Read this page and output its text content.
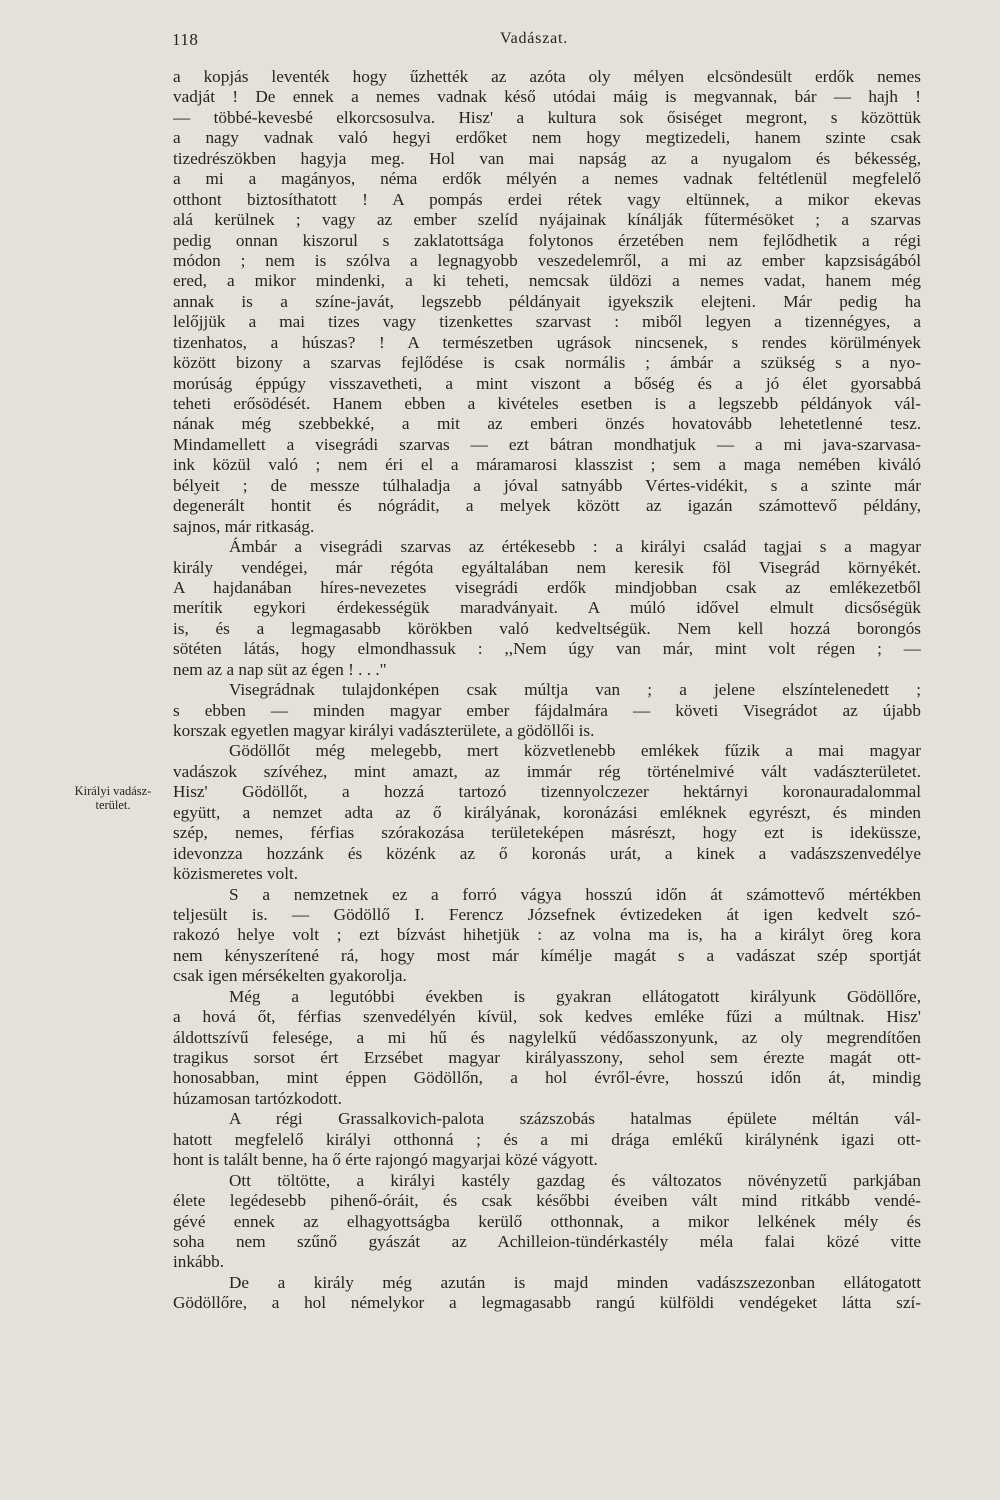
118	Vadászat.
Királyi vadász-
terület.
a kopjás leventék hogy űzhették az azóta oly mélyen elcsöndesült erdők nemes
vadját ! De ennek a nemes vadnak késő utódai máig is megvannak, bár — hajh !
— többé-kevesbé elkorcsosulva. Hisz' a kultura sok ősiséget megront, s közöttük
a nagy vadnak való hegyi erdőket nem hogy megtizedeli, hanem szinte csak
tizedrészökben hagyja meg. Hol van mai napság az a nyugalom és békesség,
a mi a magányos, néma erdők mélyén a nemes vadnak feltétlenül megfelelő
otthont biztosíthatott ! A pompás erdei rétek vagy eltünnek, a mikor ekevas
alá kerülnek ; vagy az ember szelíd nyájainak kínálják fűtermésöket ; a szarvas
pedig onnan kiszorul s zaklatottsága folytonos érzetében nem fejlődhetik a régi
módon ; nem is szólva a legnagyobb veszedelemről, a mi az ember kapzsiságából
ered, a mikor mindenki, a ki teheti, nemcsak üldözi a nemes vadat, hanem még
annak is a színe-javát, legszebb példányait igyekszik elejteni. Már pedig ha
lelőjjük a mai tizes vagy tizenkettes szarvast : miből legyen a tizennégyes, a
tizenhatos, a húszas? ! A természetben ugrások nincsenek, s rendes körülmények
között bizony a szarvas fejlődése is csak normális ; ámbár a szükség s a nyo-
morúság éppúgy visszavetheti, a mint viszont a bőség és a jó élet gyorsabbá
teheti erősödését. Hanem ebben a kivételes esetben is a legszebb példányok vál-
nának még szebbekké, a mit az emberi önzés hovatovább lehetetlenné tesz.
Mindamellett a visegrádi szarvas — ezt bátran mondhatjuk — a mi java-szarvasa-
ink közül való ; nem éri el a máramarosi klasszist ; sem a maga nemében kiváló
bélyeit ; de messze túlhaladja a jóval satnyább Vértes-vidékit, s a szinte már
degenerált hontit és nógrádit, a melyek között az igazán számottevő példány,
sajnos, már ritkaság.
Ámbár a visegrádi szarvas az értékesebb : a királyi család tagjai s a magyar
király vendégei, már régóta egyáltalában nem keresik föl Visegrád környékét.
A hajdanában híres-nevezetes visegrádi erdők mindjobban csak az emlékezetből
merítik egykori érdekességük maradványait. A múló idővel elmult dicsőségük
is, és a legmagasabb körökben való kedveltségük. Nem kell hozzá borongós
sötéten látás, hogy elmondhassuk : ,,Nem úgy van már, mint volt régen ; —
nem az a nap süt az égen ! . . ."
Visegrádnak tulajdonképen csak múltja van ; a jelene elszíntelenedett ;
s ebben — minden magyar ember fájdalmára — követi Visegrádot az újabb
korszak egyetlen magyar királyi vadászterülete, a gödöllői is.
Gödöllőt még melegebb, mert közvetlenebb emlékek fűzik a mai magyar
vadászok szívéhez, mint amazt, az immár rég történelmivé vált vadászterületet.
Hisz' Gödöllőt, a hozzá tartozó tizennyolczezer hektárnyi koronauradalommal
együtt, a nemzet adta az ő királyának, koronázási emléknek egyrészt, és minden
szép, nemes, férfias szórakozása területeképen másrészt, hogy ezt is ideküssze,
idevonzza hozzánk és közénk az ő koronás urát, a kinek a vadászszenvedélye
közismeretes volt.
S a nemzetnek ez a forró vágya hosszú időn át számottevő mértékben
teljesült is. — Gödöllő I. Ferencz Józsefnek évtizedeken át igen kedvelt szó-
rakozó helye volt ; ezt bízvást hihetjük : az volna ma is, ha a királyt öreg kora
nem kényszerítené rá, hogy most már kímélje magát s a vadászat szép sportját
csak igen mérsékelten gyakorolja.
Még a legutóbbi években is gyakran ellátogatott királyunk Gödöllőre,
a hová őt, férfias szenvedélyén kívül, sok kedves emléke fűzi a múltnak. Hisz'
áldottszívű felesége, a mi hű és nagylelkű védőasszonyunk, az oly megrendítően
tragikus sorsot ért Erzsébet magyar királyasszony, sehol sem érezte magát ott-
honosabban, mint éppen Gödöllőn, a hol évről-évre, hosszú időn át, mindig
húzamosan tartózkodott.
A régi Grassalkovich-palota százszobás hatalmas épülete méltán vál-
hatott megfelelő királyi otthonná ; és a mi drága emlékű királynénk igazi ott-
hont is talált benne, ha ő érte rajongó magyarjai közé vágyott.
Ott töltötte, a királyi kastély gazdag és változatos növényzetű parkjában
élete legédesebb pihenő-óráit, és csak későbbi éveiben vált mind ritkább vendé-
gévé ennek az elhagyottságba kerülő otthonnak, a mikor lelkének mély és
soha nem szűnő gyászát az Achilleion-tündérkastély méla falai közé vitte
inkább.
De a király még azután is majd minden vadászszezonban ellátogatott
Gödöllőre, a hol némelykor a legmagasabb rangú külföldi vendégeket látta szí-
